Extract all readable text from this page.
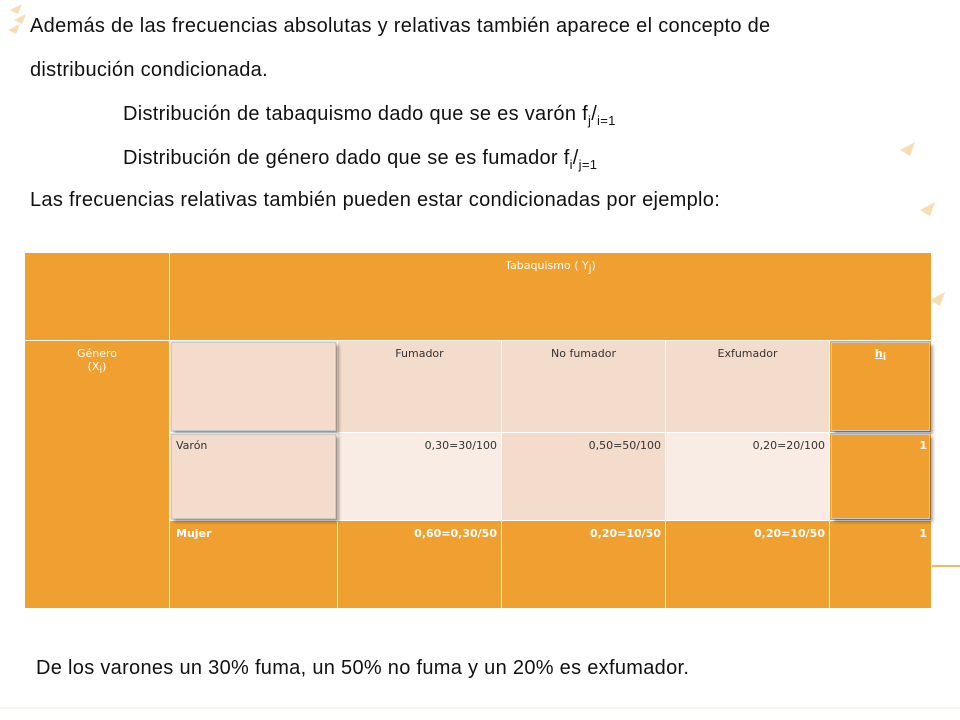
Además de las frecuencias absolutas y relativas también aparece el concepto de

distribución condicionada.

Distribución de tabaquismo dado que se es varón $f_j/_{i=1}$

Distribución de género dado que se es fumador $f_i/_{j=1}$

Las frecuencias relativas también pueden estar condicionadas por ejemplo:

	Tabaquismo ( $Y_j$)				

Género
$(X_i)$		Fumador	No fumador	Exfumador	$h_i$

	Varón	0,30=30/100	0,50=50/100	0,20=20/100	1

	Mujer	0,60=0,30/50	0,20=10/50	0,20=10/50	1

De los varones un 30% fuma, un 50% no fuma y un 20% es exfumador.
